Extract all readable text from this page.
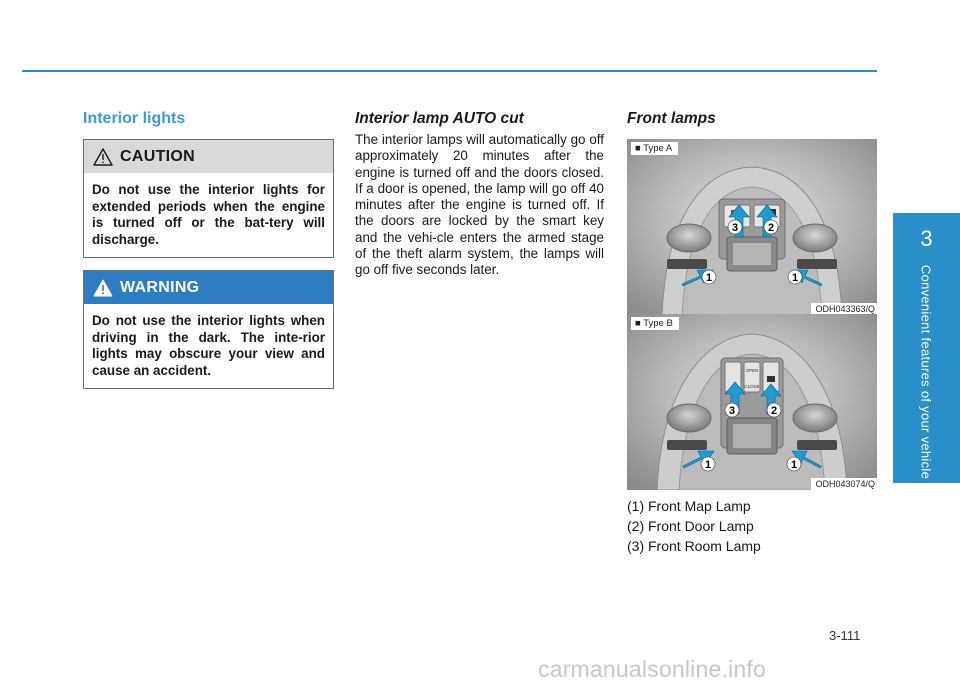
3
Convenient features of your vehicle
Interior lights
CAUTION
Do not use the interior lights for extended periods when the engine is turned off or the bat-tery will discharge.
WARNING
Do not use the interior lights when driving in the dark. The inte-rior lights may obscure your view and cause an accident.
Interior lamp AUTO cut
The interior lamps will automatically go off approximately 20 minutes after the engine is turned off and the doors closed. If a door is opened, the lamp will go off 40 minutes after the engine is turned off. If the doors are locked by the smart key and the vehi-cle enters the armed stage of the theft alarm system, the lamps will go off five seconds later.
Front lamps
3	2
1	1
■ Type A
ODH043363/Q
OPEN
CLOSE
3	2
1	1
■ Type B
ODH043074/Q
(1) Front Map Lamp
(2) Front Door Lamp
(3) Front Room Lamp
3-111
carmanualsonline.info
